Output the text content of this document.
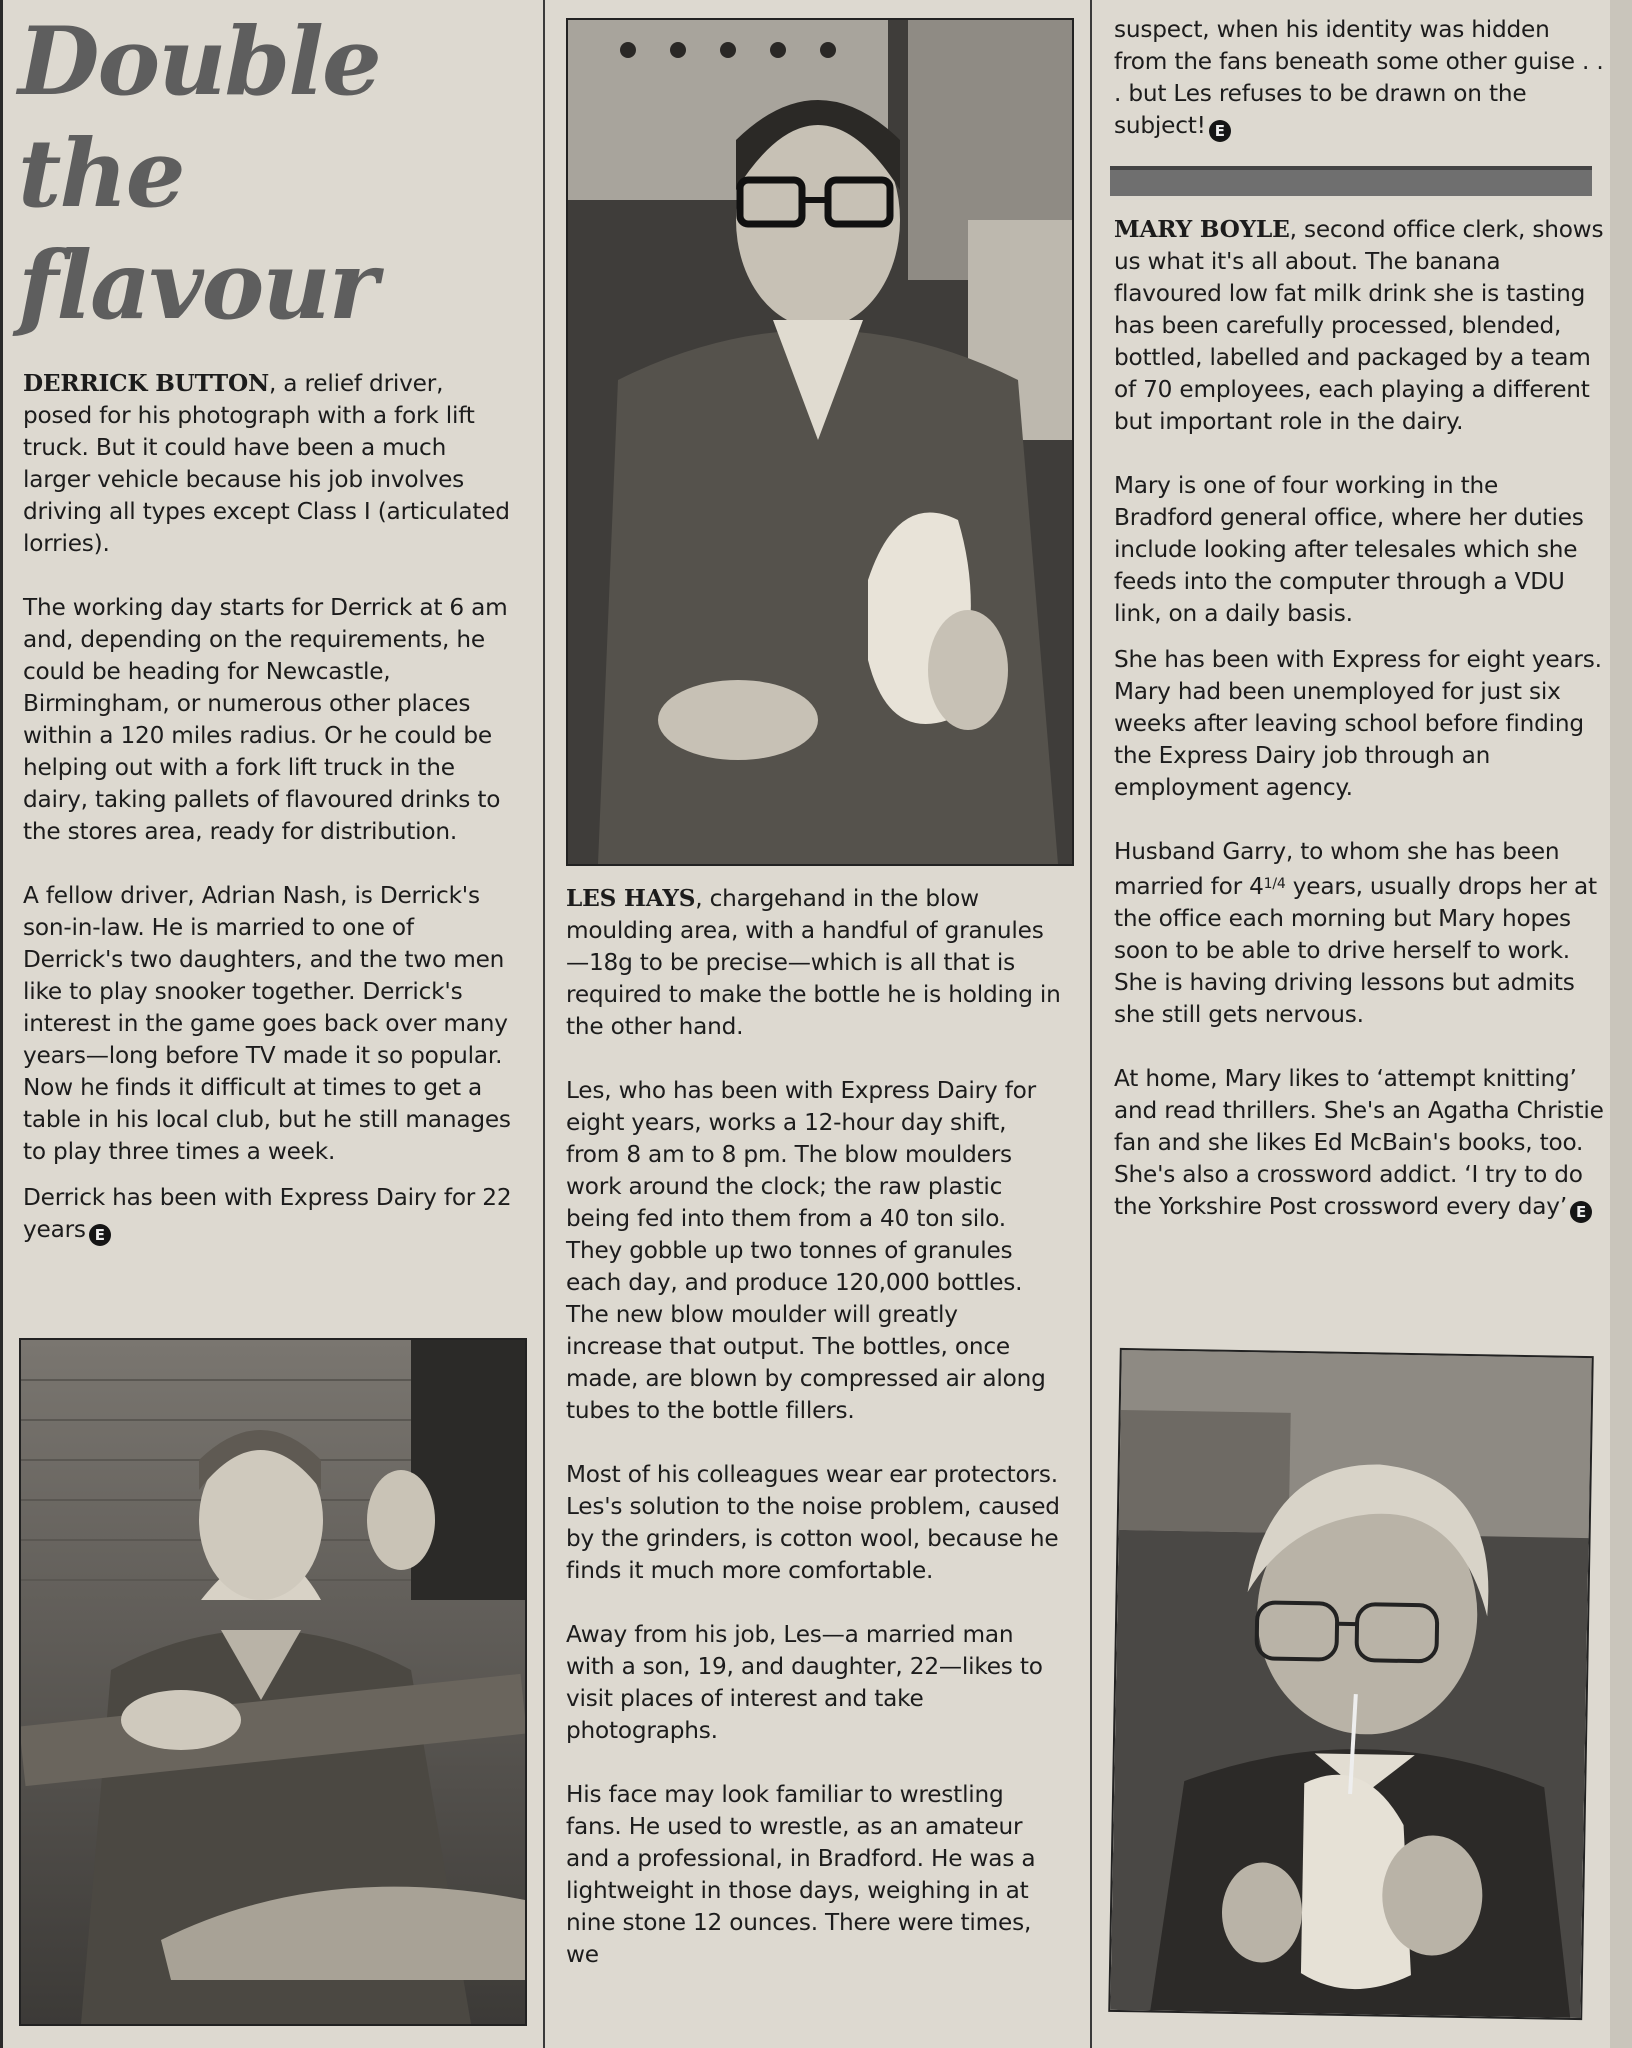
Double the
flavour

DERRICK BUTTON, a relief driver, posed for his photograph with a fork lift truck. But it could have been a much larger vehicle because his job involves driving all types except Class I (articulated lorries).

The working day starts for Derrick at 6 am and, depending on the requirements, he could be heading for Newcastle, Birmingham, or numerous other places within a 120 miles radius. Or he could be helping out with a fork lift truck in the dairy, taking pallets of flavoured drinks to the stores area, ready for distribution.

A fellow driver, Adrian Nash, is Derrick's son-in-law. He is married to one of Derrick's two daughters, and the two men like to play snooker together. Derrick's interest in the game goes back over many years—long before TV made it so popular. Now he finds it difficult at times to get a table in his local club, but he still manages to play three times a week.

Derrick has been with Express Dairy for 22 years E

LES HAYS, chargehand in the blow moulding area, with a handful of granules—18g to be precise—which is all that is required to make the bottle he is holding in the other hand.

Les, who has been with Express Dairy for eight years, works a 12-hour day shift, from 8 am to 8 pm. The blow moulders work around the clock; the raw plastic being fed into them from a 40 ton silo. They gobble up two tonnes of granules each day, and produce 120,000 bottles. The new blow moulder will greatly increase that output. The bottles, once made, are blown by compressed air along tubes to the bottle fillers.

Most of his colleagues wear ear protectors. Les's solution to the noise problem, caused by the grinders, is cotton wool, because he finds it much more comfortable.

Away from his job, Les—a married man with a son, 19, and daughter, 22—likes to visit places of interest and take photographs.

His face may look familiar to wrestling fans. He used to wrestle, as an amateur and a professional, in Bradford. He was a lightweight in those days, weighing in at nine stone 12 ounces. There were times, we

suspect, when his identity was hidden from the fans beneath some other guise . . . but Les refuses to be drawn on the subject! E

MARY BOYLE, second office clerk, shows us what it's all about. The banana flavoured low fat milk drink she is tasting has been carefully processed, blended, bottled, labelled and packaged by a team of 70 employees, each playing a different but important role in the dairy.

Mary is one of four working in the Bradford general office, where her duties include looking after telesales which she feeds into the computer through a VDU link, on a daily basis.

She has been with Express for eight years. Mary had been unemployed for just six weeks after leaving school before finding the Express Dairy job through an employment agency.

Husband Garry, to whom she has been married for $4^{1/4}$ years, usually drops her at the office each morning but Mary hopes soon to be able to drive herself to work. She is having driving lessons but admits she still gets nervous.

At home, Mary likes to ‘attempt knitting’ and read thrillers. She's an Agatha Christie fan and she likes Ed McBain's books, too. She's also a crossword addict. ‘I try to do the Yorkshire Post crossword every day’ E
